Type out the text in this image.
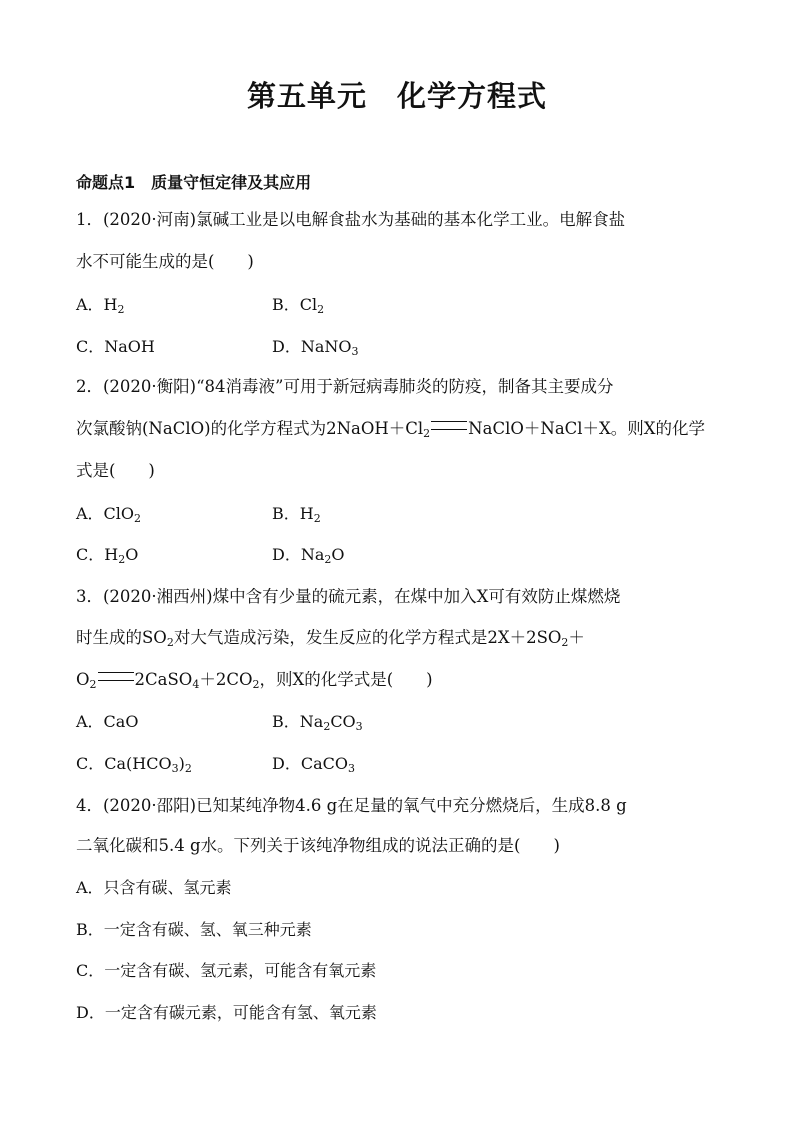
第五单元　化学方程式
命题点1　质量守恒定律及其应用
1．(2020·河南)氯碱工业是以电解食盐水为基础的基本化学工业。电解食盐
水不可能生成的是(　　)
A．$H_2$	B．$Cl_2$
C．NaOH	D．NaNO$_3$
2．(2020·衡阳)“84消毒液”可用于新冠病毒肺炎的防疫，制备其主要成分
次氯酸钠(NaClO)的化学方程式为$2NaOH+Cl_2$ NaClO＋NaCl＋X。则X的化学
式是(　　)
A．ClO$_2$	B．$H_2$
C．$H_2O$	D．$Na_2O$
3．(2020·湘西州)煤中含有少量的硫元素，在煤中加入X可有效防止煤燃烧
时生成的$SO_2$对大气造成污染，发生反应的化学方程式是$2X+2SO_2+$
$O_2$ $2CaSO_4+2CO_2$，则X的化学式是(　　)
A．CaO	B．$Na_2CO_3$
C．$Ca(HCO_3)_2$	D．CaCO$_3$
4．(2020·邵阳)已知某纯净物4.6 g在足量的氧气中充分燃烧后，生成8.8 g
二氧化碳和5.4 g水。下列关于该纯净物组成的说法正确的是(　　)
A．只含有碳、氢元素
B．一定含有碳、氢、氧三种元素
C．一定含有碳、氢元素，可能含有氧元素
D．一定含有碳元素，可能含有氢、氧元素
